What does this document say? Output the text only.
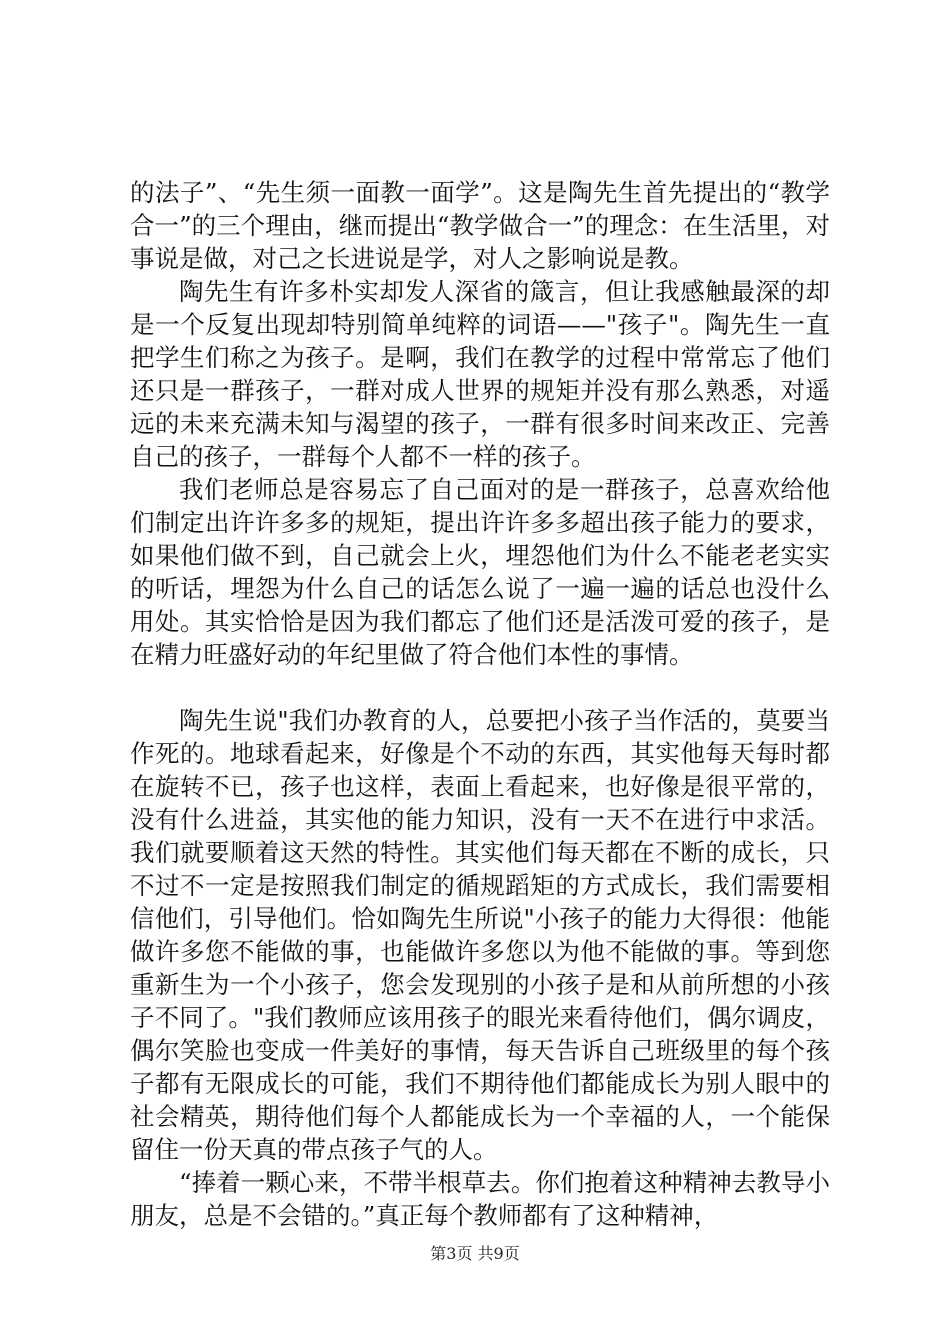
的法子”、“先生须一面教一面学”。这是陶先生首先提出的“教学合一”的三个理由，继而提出“教学做合一”的理念：在生活里，对事说是做，对己之长进说是学，对人之影响说是教。

陶先生有许多朴实却发人深省的箴言，但让我感触最深的却是一个反复出现却特别简单纯粹的词语——"孩子"。陶先生一直把学生们称之为孩子。是啊，我们在教学的过程中常常忘了他们还只是一群孩子，一群对成人世界的规矩并没有那么熟悉，对遥远的未来充满未知与渴望的孩子，一群有很多时间来改正、完善自己的孩子，一群每个人都不一样的孩子。

我们老师总是容易忘了自己面对的是一群孩子，总喜欢给他们制定出许许多多的规矩，提出许许多多超出孩子能力的要求，如果他们做不到，自己就会上火，埋怨他们为什么不能老老实实的听话，埋怨为什么自己的话怎么说了一遍一遍的话总也没什么用处。其实恰恰是因为我们都忘了他们还是活泼可爱的孩子，是在精力旺盛好动的年纪里做了符合他们本性的事情。

陶先生说"我们办教育的人，总要把小孩子当作活的，莫要当作死的。地球看起来，好像是个不动的东西，其实他每天每时都在旋转不已，孩子也这样，表面上看起来，也好像是很平常的，没有什么进益，其实他的能力知识，没有一天不在进行中求活。我们就要顺着这天然的特性。其实他们每天都在不断的成长，只不过不一定是按照我们制定的循规蹈矩的方式成长，我们需要相信他们，引导他们。恰如陶先生所说"小孩子的能力大得很：他能做许多您不能做的事，也能做许多您以为他不能做的事。等到您重新生为一个小孩子，您会发现别的小孩子是和从前所想的小孩子不同了。"我们教师应该用孩子的眼光来看待他们，偶尔调皮，偶尔笑脸也变成一件美好的事情，每天告诉自己班级里的每个孩子都有无限成长的可能，我们不期待他们都能成长为别人眼中的社会精英，期待他们每个人都能成长为一个幸福的人，一个能保留住一份天真的带点孩子气的人。

“捧着一颗心来，不带半根草去。你们抱着这种精神去教导小朋友，总是不会错的。”真正每个教师都有了这种精神，

第3页 共9页
